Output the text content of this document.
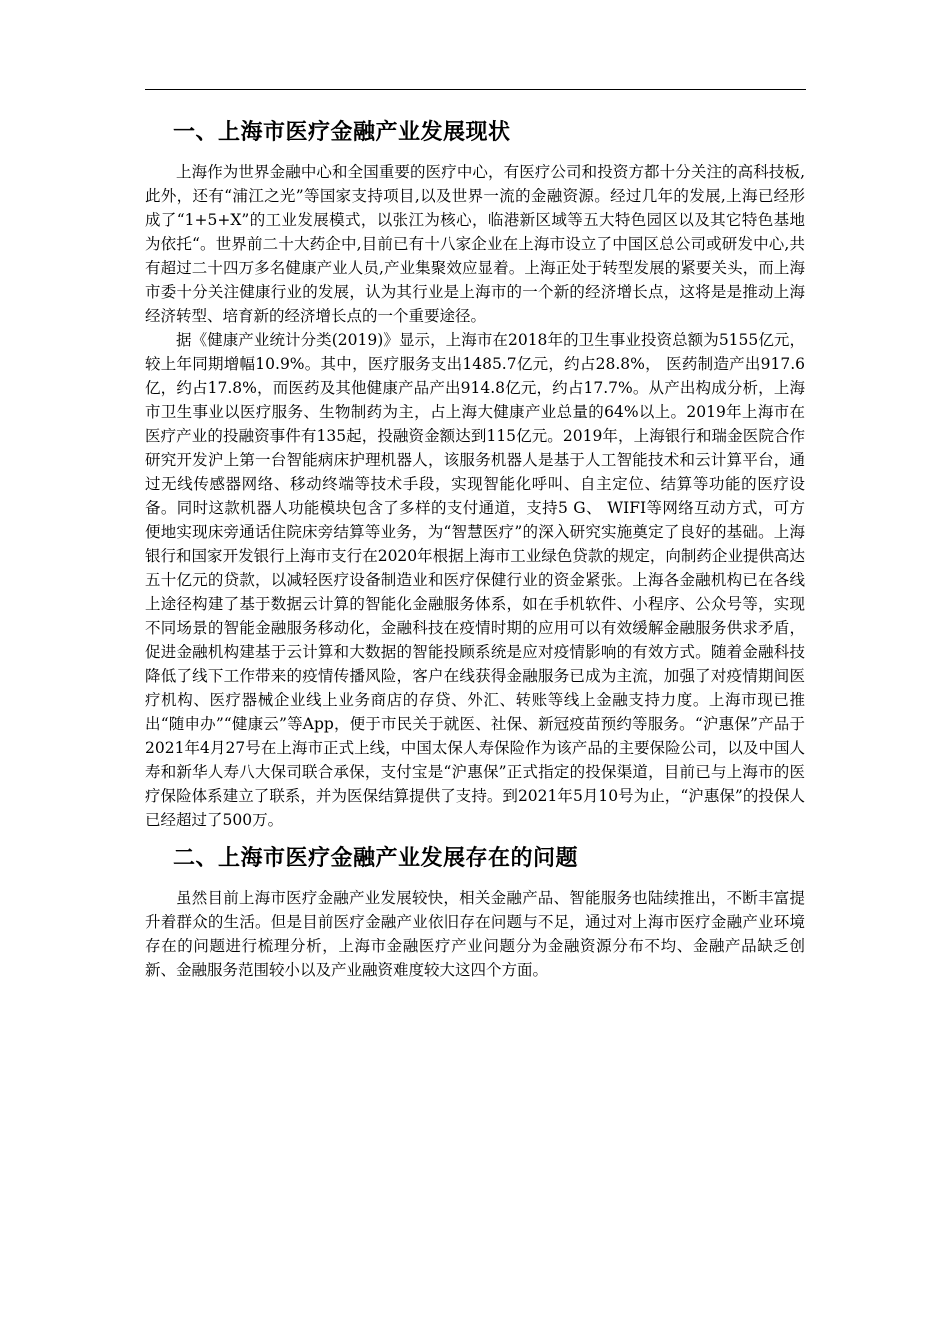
一、上海市医疗金融产业发展现状

上海作为世界金融中心和全国重要的医疗中心，有医疗公司和投资方都十分关注的高科技板,此外，还有“浦江之光”等国家支持项目,以及世界一流的金融资源。经过几年的发展,上海已经形成了“1+5+X”的工业发展模式，以张江为核心，临港新区域等五大特色园区以及其它特色基地为依托“。世界前二十大药企中,目前已有十八家企业在上海市设立了中国区总公司或研发中心,共有超过二十四万多名健康产业人员,产业集聚效应显着。上海正处于转型发展的紧要关头，而上海市委十分关注健康行业的发展，认为其行业是上海市的一个新的经济增长点，这将是是推动上海经济转型、培育新的经济增长点的一个重要途径。

据《健康产业统计分类(2019)》显示，上海市在2018年的卫生事业投资总额为5155亿元，较上年同期增幅10.9%。其中，医疗服务支出1485.7亿元，约占28.8%， 医药制造产出917.6亿，约占17.8%，而医药及其他健康产品产出914.8亿元，约占17.7%。从产出构成分析，上海市卫生事业以医疗服务、生物制药为主，占上海大健康产业总量的64%以上。2019年上海市在医疗产业的投融资事件有135起，投融资金额达到115亿元。2019年，上海银行和瑞金医院合作研究开发沪上第一台智能病床护理机器人，该服务机器人是基于人工智能技术和云计算平台，通过无线传感器网络、移动终端等技术手段，实现智能化呼叫、自主定位、结算等功能的医疗设备。同时这款机器人功能模块包含了多样的支付通道，支持5 G、 WIFI等网络互动方式，可方便地实现床旁通话住院床旁结算等业务，为“智慧医疗”的深入研究实施奠定了良好的基础。上海银行和国家开发银行上海市支行在2020年根据上海市工业绿色贷款的规定，向制药企业提供高达五十亿元的贷款，以减轻医疗设备制造业和医疗保健行业的资金紧张。上海各金融机构已在各线上途径构建了基于数据云计算的智能化金融服务体系，如在手机软件、小程序、公众号等，实现不同场景的智能金融服务移动化，金融科技在疫情时期的应用可以有效缓解金融服务供求矛盾，促进金融机构建基于云计算和大数据的智能投顾系统是应对疫情影响的有效方式。随着金融科技降低了线下工作带来的疫情传播风险，客户在线获得金融服务已成为主流，加强了对疫情期间医疗机构、医疗器械企业线上业务商店的存贷、外汇、转账等线上金融支持力度。上海市现已推出“随申办”“健康云”等App，便于市民关于就医、社保、新冠疫苗预约等服务。“沪惠保”产品于2021年4月27号在上海市正式上线，中国太保人寿保险作为该产品的主要保险公司，以及中国人寿和新华人寿八大保司联合承保，支付宝是“沪惠保”正式指定的投保渠道，目前已与上海市的医疗保险体系建立了联系，并为医保结算提供了支持。到2021年5月10号为止，“沪惠保”的投保人已经超过了500万。

二、上海市医疗金融产业发展存在的问题

虽然目前上海市医疗金融产业发展较快，相关金融产品、智能服务也陆续推出，不断丰富提升着群众的生活。但是目前医疗金融产业依旧存在问题与不足，通过对上海市医疗金融产业环境存在的问题进行梳理分析，上海市金融医疗产业问题分为金融资源分布不均、金融产品缺乏创新、金融服务范围较小以及产业融资难度较大这四个方面。
